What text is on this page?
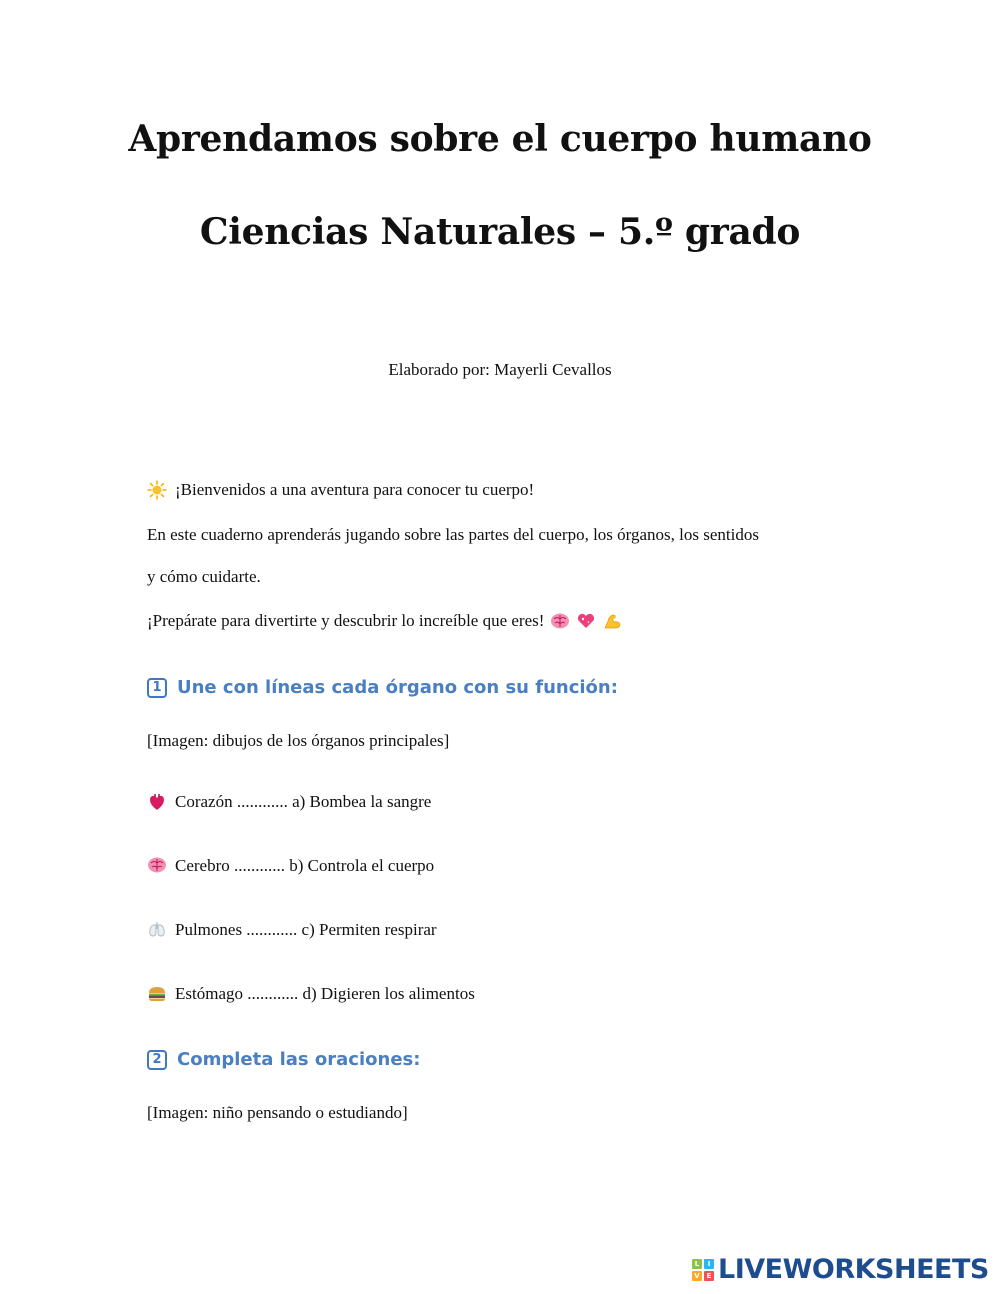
Aprendamos sobre el cuerpo humano
Ciencias Naturales – 5.º grado
Elaborado por: Mayerli Cevallos
¡Bienvenidos a una aventura para conocer tu cuerpo!
En este cuaderno aprenderás jugando sobre las partes del cuerpo, los órganos, los sentidos
y cómo cuidarte.
¡Prepárate para divertirte y descubrir lo increíble que eres!
1 Une con líneas cada órgano con su función:
[Imagen: dibujos de los órganos principales]
Corazón ............ a) Bombea la sangre
Cerebro ............ b) Controla el cuerpo
Pulmones ............ c) Permiten respirar
Estómago ............ d) Digieren los alimentos
2 Completa las oraciones:
[Imagen: niño pensando o estudiando]
L	I
V E LIVEWORKSHEETS
